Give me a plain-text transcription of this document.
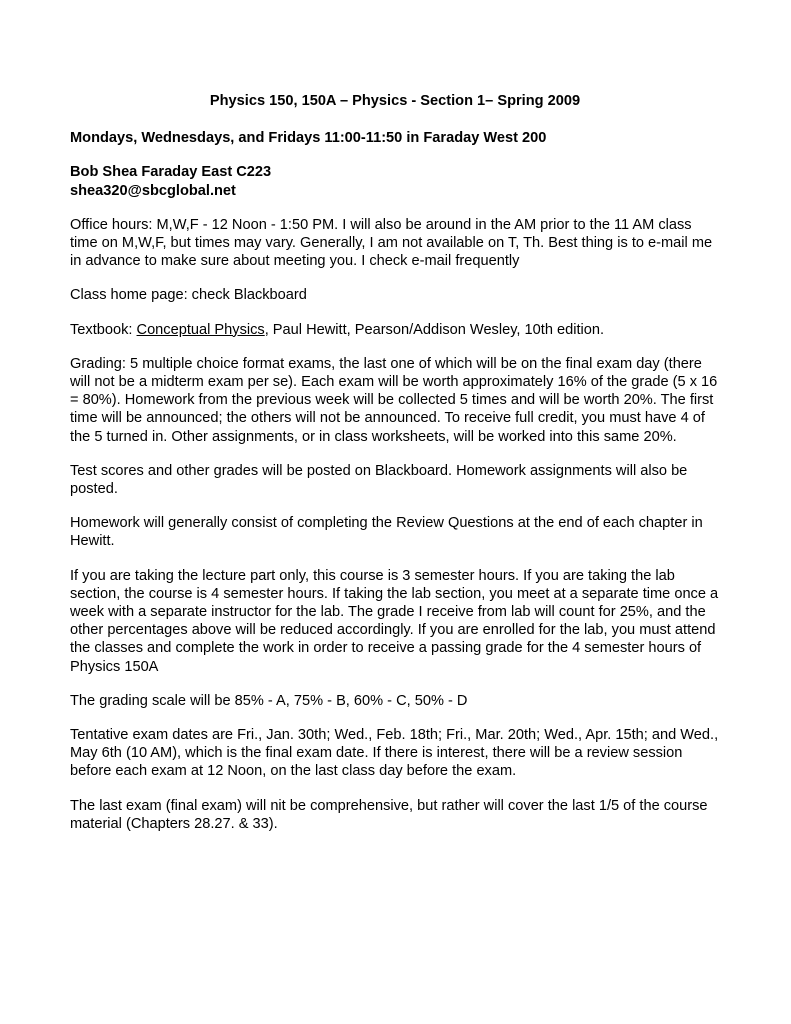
Physics 150, 150A – Physics - Section 1– Spring 2009

Mondays, Wednesdays, and Fridays 11:00-11:50 in Faraday West 200

Bob Shea Faraday East C223

shea320@sbcglobal.net

Office hours: M,W,F - 12 Noon - 1:50 PM. I will also be around in the AM prior to the 11 AM class time on M,W,F, but times may vary. Generally, I am not available on T, Th. Best thing is to e-mail me in advance to make sure about meeting you. I check e-mail frequently

Class home page: check Blackboard

Textbook: Conceptual Physics, Paul Hewitt, Pearson/Addison Wesley, 10th edition.

Grading: 5 multiple choice format exams, the last one of which will be on the final exam day (there will not be a midterm exam per se). Each exam will be worth approximately 16% of the grade (5 x 16 = 80%). Homework from the previous week will be collected 5 times and will be worth 20%. The first time will be announced; the others will not be announced. To receive full credit, you must have 4 of the 5 turned in. Other assignments, or in class worksheets, will be worked into this same 20%.

Test scores and other grades will be posted on Blackboard. Homework assignments will also be posted.

Homework will generally consist of completing the Review Questions at the end of each chapter in Hewitt.

If you are taking the lecture part only, this course is 3 semester hours. If you are taking the lab section, the course is 4 semester hours. If taking the lab section, you meet at a separate time once a week with a separate instructor for the lab. The grade I receive from lab will count for 25%, and the other percentages above will be reduced accordingly. If you are enrolled for the lab, you must attend the classes and complete the work in order to receive a passing grade for the 4 semester hours of Physics 150A

The grading scale will be 85% - A, 75% - B, 60% - C, 50% - D

Tentative exam dates are Fri., Jan. 30th; Wed., Feb. 18th; Fri., Mar. 20th; Wed., Apr. 15th; and Wed., May 6th (10 AM), which is the final exam date. If there is interest, there will be a review session before each exam at 12 Noon, on the last class day before the exam.

The last exam (final exam) will nit be comprehensive, but rather will cover the last 1/5 of the course material (Chapters 28.27. & 33).
